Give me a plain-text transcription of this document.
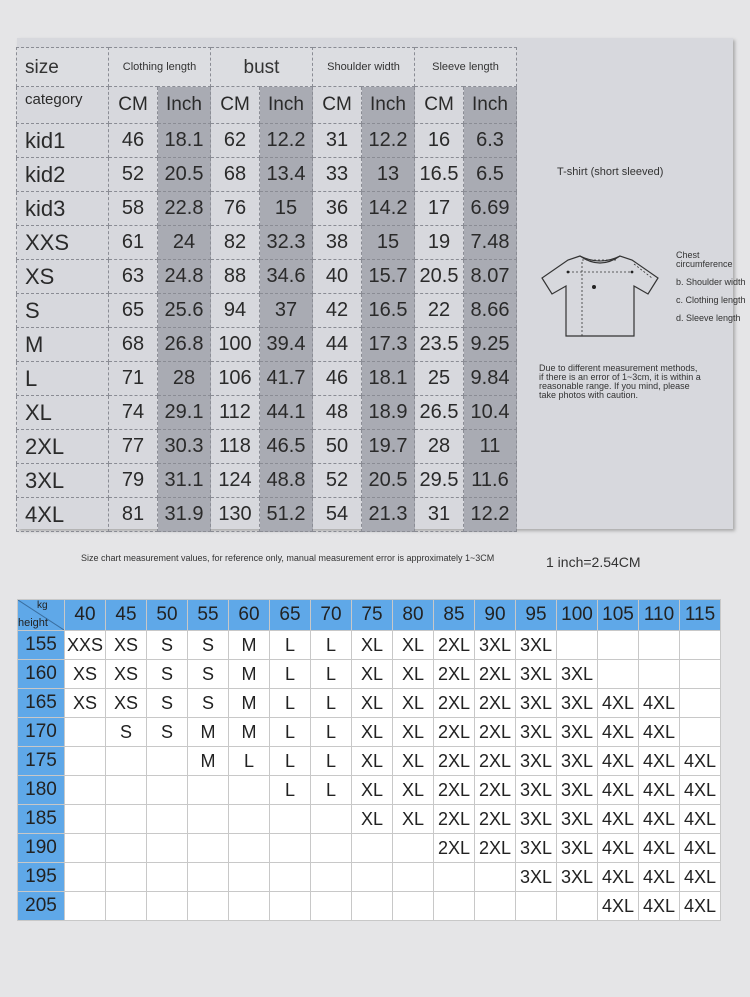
size	Clothing length		bust		Shoulder width		Sleeve length	
category	CM	Inch	CM	Inch	CM	Inch	CM	Inch
kid1	46	18.1	62	12.2	31	12.2	16	6.3
kid2	52	20.5	68	13.4	33	13	16.5	6.5
kid3	58	22.8	76	15	36	14.2	17	6.69
XXS	61	24	82	32.3	38	15	19	7.48
XS	63	24.8	88	34.6	40	15.7	20.5	8.07
S	65	25.6	94	37	42	16.5	22	8.66
M	68	26.8	100	39.4	44	17.3	23.5	9.25
L	71	28	106	41.7	46	18.1	25	9.84
XL	74	29.1	112	44.1	48	18.9	26.5	10.4
2XL	77	30.3	118	46.5	50	19.7	28	11
3XL	79	31.1	124	48.8	52	20.5	29.5	11.6
4XL	81	31.9	130	51.2	54	21.3	31	12.2
T-shirt (short sleeved)
Chest circumference
b. Shoulder width
c. Clothing length
d. Sleeve length
Due to different measurement methods, if there is an error of 1~3cm, it is within a reasonable range. If you mind, please take photos with caution.
Size chart measurement values, for reference only, manual measurement error is approximately 1~3CM	1 inch=2.54CM
kg
height	40	45	50	55	60	65	70	75	80	85	90	95	100	105	110	115
155	XXS	XS	S	S	M	L	L	XL	XL	2XL	3XL	3XL				
160	XS	XS	S	S	M	L	L	XL	XL	2XL	2XL	3XL	3XL			
165	XS	XS	S	S	M	L	L	XL	XL	2XL	2XL	3XL	3XL	4XL	4XL	
170		S	S	M	M	L	L	XL	XL	2XL	2XL	3XL	3XL	4XL	4XL	
175				M	L	L	L	XL	XL	2XL	2XL	3XL	3XL	4XL	4XL	4XL
180						L	L	XL	XL	2XL	2XL	3XL	3XL	4XL	4XL	4XL
185								XL	XL	2XL	2XL	3XL	3XL	4XL	4XL	4XL
190										2XL	2XL	3XL	3XL	4XL	4XL	4XL
195												3XL	3XL	4XL	4XL	4XL
205														4XL	4XL	4XL
